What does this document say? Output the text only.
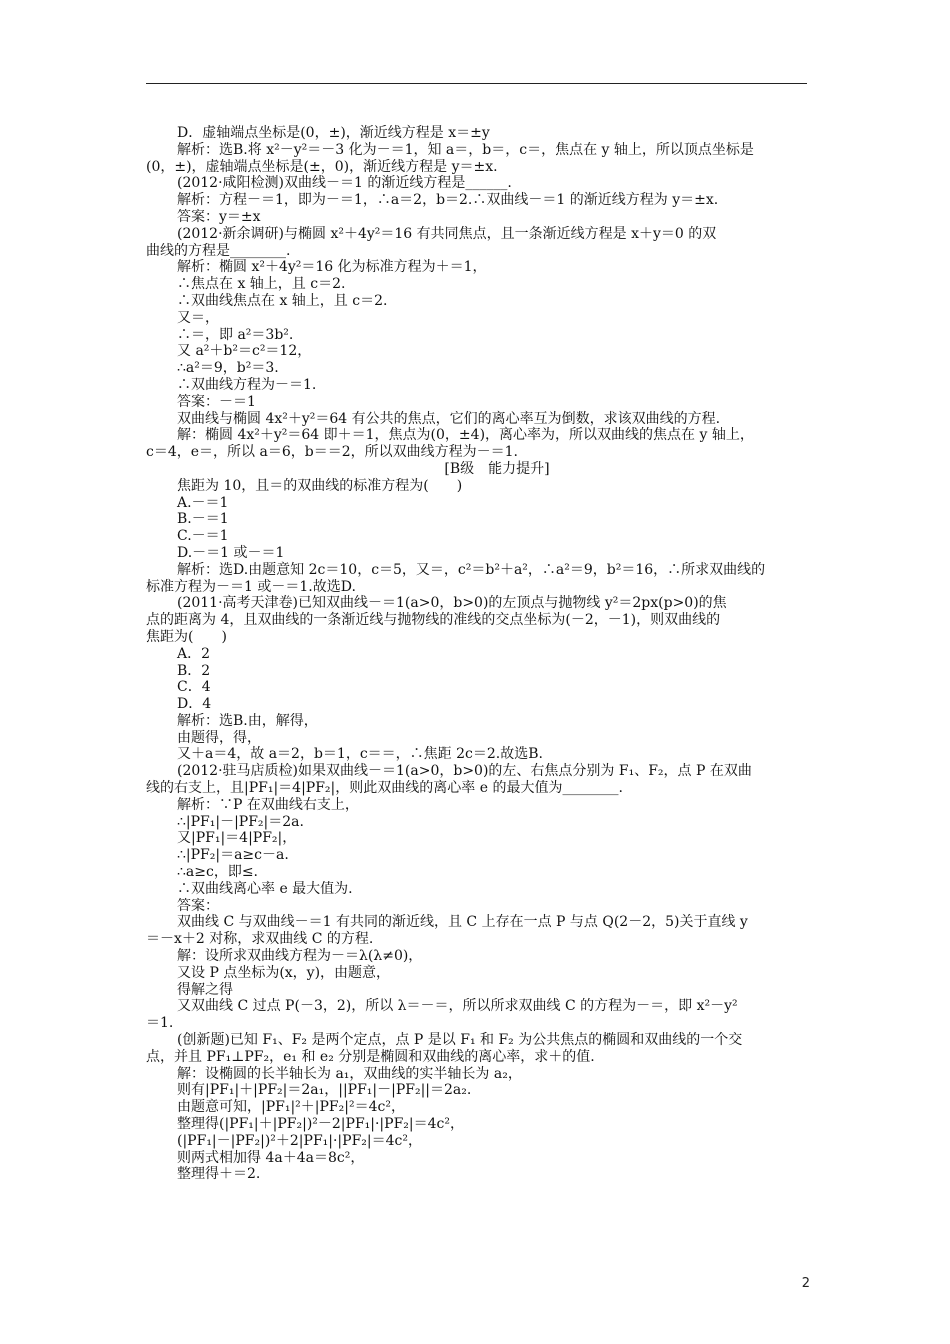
D．虚轴端点坐标是(0，±)，渐近线方程是 x＝±y
解析：选B.将 x²－y²＝－3 化为－＝1，知 a＝，b＝，c＝，焦点在 y 轴上，所以顶点坐标是
(0，±)，虚轴端点坐标是(±，0)，渐近线方程是 y＝±x.
(2012·咸阳检测)双曲线－＝1 的渐近线方程是______.
解析：方程－＝1，即为－＝1，∴a＝2，b＝2.∴双曲线－＝1 的渐近线方程为 y＝±x.
答案：y＝±x
(2012·新余调研)与椭圆 x²＋4y²＝16 有共同焦点，且一条渐近线方程是 x＋y＝0 的双
曲线的方程是________.
解析：椭圆 x²＋4y²＝16 化为标准方程为＋＝1，
∴焦点在 x 轴上，且 c＝2.
∴双曲线焦点在 x 轴上，且 c＝2.
又＝，
∴＝，即 a²＝3b².
又 a²＋b²＝c²＝12，
∴a²＝9，b²＝3.
∴双曲线方程为－＝1.
答案：－＝1
双曲线与椭圆 4x²＋y²＝64 有公共的焦点，它们的离心率互为倒数，求该双曲线的方程.
解：椭圆 4x²＋y²＝64 即＋＝1，焦点为(0，±4)，离心率为，所以双曲线的焦点在 y 轴上，
c＝4，e＝，所以 a＝6，b＝＝2，所以双曲线方程为－＝1.
[B级　能力提升]
焦距为 10，且＝的双曲线的标准方程为(　　)
A.－＝1
B.－＝1
C.－＝1
D.－＝1 或－＝1
解析：选D.由题意知 2c＝10，c＝5，又＝，c²＝b²＋a²，∴a²＝9，b²＝16，∴所求双曲线的
标准方程为－＝1 或－＝1.故选D.
(2011·高考天津卷)已知双曲线－＝1(a>0，b>0)的左顶点与抛物线 y²＝2px(p>0)的焦
点的距离为 4，且双曲线的一条渐近线与抛物线的准线的交点坐标为(－2，－1)，则双曲线的
焦距为(　　)
A．2
B．2
C．4
D．4
解析：选B.由，解得，
由题得，得，
又＋a＝4，故 a＝2，b＝1，c＝＝，∴焦距 2c＝2.故选B.
(2012·驻马店质检)如果双曲线－＝1(a>0，b>0)的左、右焦点分别为 F₁、F₂，点 P 在双曲
线的右支上，且|PF₁|＝4|PF₂|，则此双曲线的离心率 e 的最大值为________.
解析：∵P 在双曲线右支上，
∴|PF₁|－|PF₂|＝2a.
又|PF₁|＝4|PF₂|，
∴|PF₂|＝a≥c－a.
∴a≥c，即≤.
∴双曲线离心率 e 最大值为.
答案：
双曲线 C 与双曲线－＝1 有共同的渐近线，且 C 上存在一点 P 与点 Q(2－2，5)关于直线 y
＝－x＋2 对称，求双曲线 C 的方程.
解：设所求双曲线方程为－＝λ(λ≠0)，
又设 P 点坐标为(x，y)，由题意，
得解之得
又双曲线 C 过点 P(－3，2)，所以 λ＝－＝，所以所求双曲线 C 的方程为－＝，即 x²－y²
＝1.
(创新题)已知 F₁、F₂ 是两个定点，点 P 是以 F₁ 和 F₂ 为公共焦点的椭圆和双曲线的一个交
点，并且 PF₁⊥PF₂，e₁ 和 e₂ 分别是椭圆和双曲线的离心率，求＋的值.
解：设椭圆的长半轴长为 a₁，双曲线的实半轴长为 a₂，
则有|PF₁|＋|PF₂|＝2a₁，||PF₁|－|PF₂||＝2a₂.
由题意可知，|PF₁|²＋|PF₂|²＝4c²，
整理得(|PF₁|＋|PF₂|)²－2|PF₁|·|PF₂|＝4c²，
(|PF₁|－|PF₂|)²＋2|PF₁|·|PF₂|＝4c²，
则两式相加得 4a＋4a＝8c²，
整理得＋＝2.
2
